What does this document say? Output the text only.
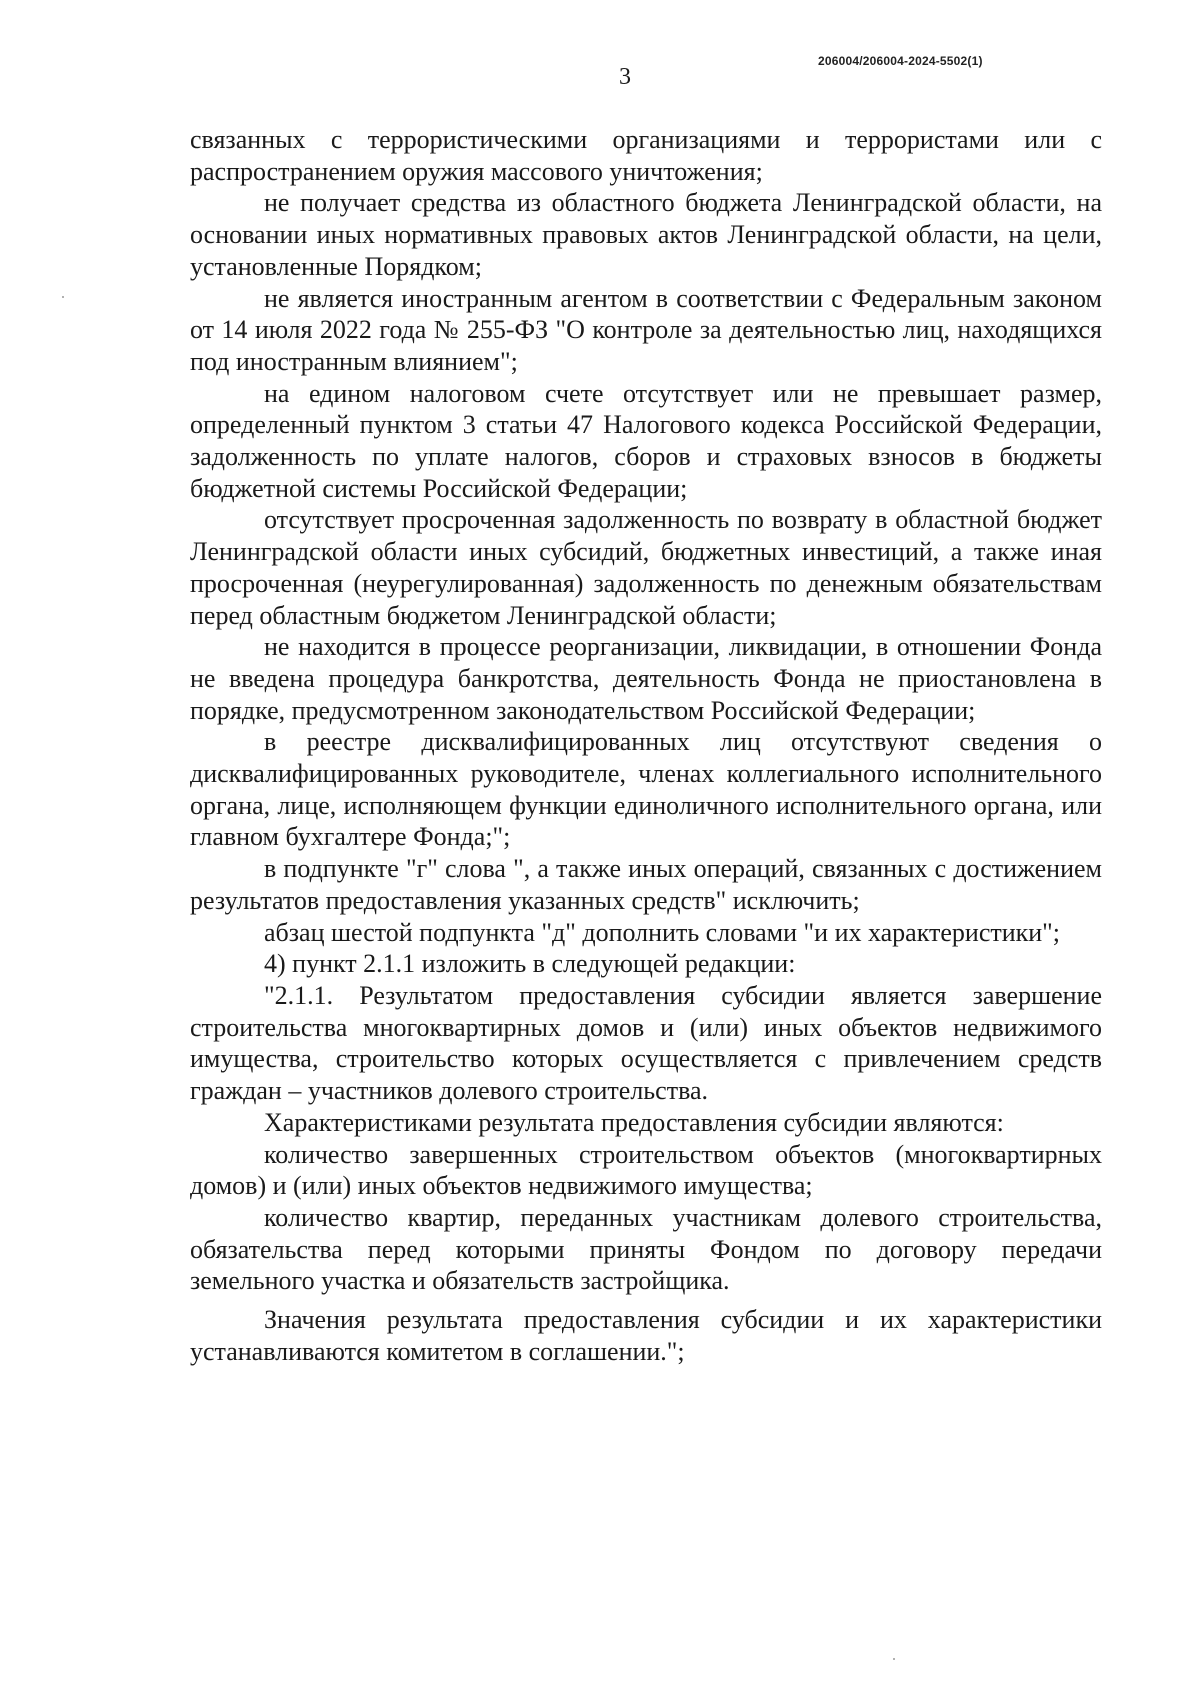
206004/206004-2024-5502(1)
3

связанных с террористическими организациями и террористами или с распространением оружия массового уничтожения;

не получает средства из областного бюджета Ленинградской области, на основании иных нормативных правовых актов Ленинградской области, на цели, установленные Порядком;

не является иностранным агентом в соответствии с Федеральным законом от 14 июля 2022 года № 255-ФЗ "О контроле за деятельностью лиц, находящихся под иностранным влиянием";

на едином налоговом счете отсутствует или не превышает размер, определенный пунктом 3 статьи 47 Налогового кодекса Российской Федерации, задолженность по уплате налогов, сборов и страховых взносов в бюджеты бюджетной системы Российской Федерации;

отсутствует просроченная задолженность по возврату в областной бюджет Ленинградской области иных субсидий, бюджетных инвестиций, а также иная просроченная (неурегулированная) задолженность по денежным обязательствам перед областным бюджетом Ленинградской области;

не находится в процессе реорганизации, ликвидации, в отношении Фонда не введена процедура банкротства, деятельность Фонда не приостановлена в порядке, предусмотренном законодательством Российской Федерации;

в реестре дисквалифицированных лиц отсутствуют сведения о дисквалифицированных руководителе, членах коллегиального исполнительного органа, лице, исполняющем функции единоличного исполнительного органа, или главном бухгалтере Фонда;";

в подпункте "г" слова ", а также иных операций, связанных с достижением результатов предоставления указанных средств" исключить;

абзац шестой подпункта "д" дополнить словами "и их характеристики";

4) пункт 2.1.1 изложить в следующей редакции:

"2.1.1. Результатом предоставления субсидии является завершение строительства многоквартирных домов и (или) иных объектов недвижимого имущества, строительство которых осуществляется с привлечением средств граждан – участников долевого строительства.

Характеристиками результата предоставления субсидии являются:

количество завершенных строительством объектов (многоквартирных домов) и (или) иных объектов недвижимого имущества;

количество квартир, переданных участникам долевого строительства, обязательства перед которыми приняты Фондом по договору передачи земельного участка и обязательств застройщика.

Значения результата предоставления субсидии и их характеристики устанавливаются комитетом в соглашении.";
